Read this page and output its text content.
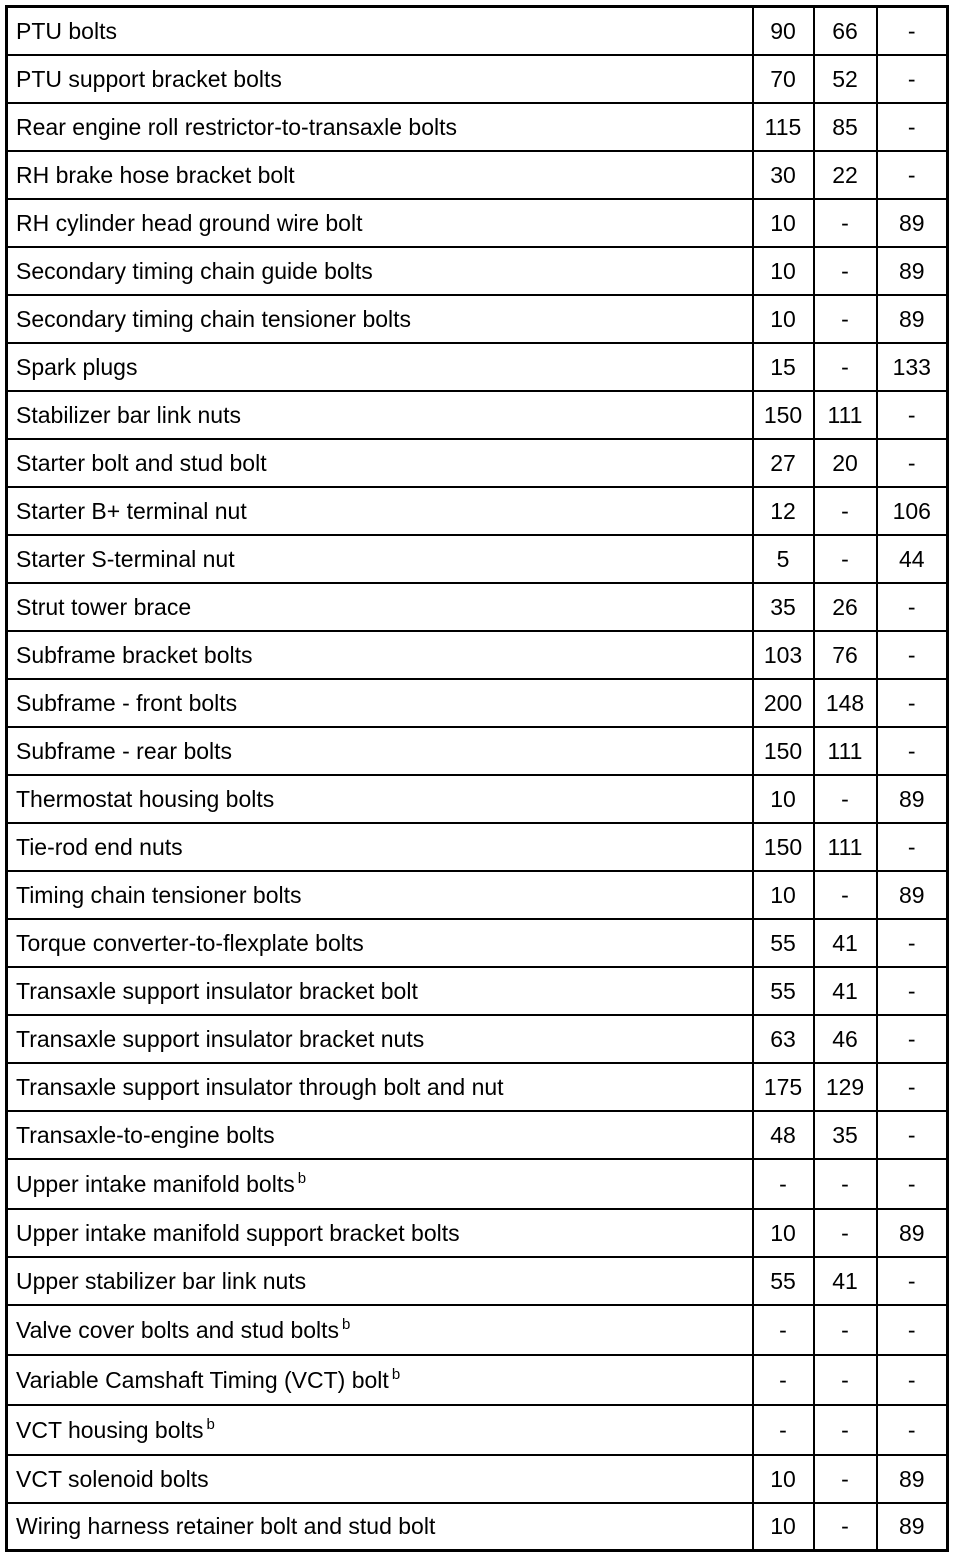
PTU bolts	90	66	-
PTU support bracket bolts	70	52	-
Rear engine roll restrictor-to-transaxle bolts	115	85	-
RH brake hose bracket bolt	30	22	-
RH cylinder head ground wire bolt	10	-	89
Secondary timing chain guide bolts	10	-	89
Secondary timing chain tensioner bolts	10	-	89
Spark plugs	15	-	133
Stabilizer bar link nuts	150	111	-
Starter bolt and stud bolt	27	20	-
Starter B+ terminal nut	12	-	106
Starter S-terminal nut	5	-	44
Strut tower brace	35	26	-
Subframe bracket bolts	103	76	-
Subframe - front bolts	200	148	-
Subframe - rear bolts	150	111	-
Thermostat housing bolts	10	-	89
Tie-rod end nuts	150	111	-
Timing chain tensioner bolts	10	-	89
Torque converter-to-flexplate bolts	55	41	-
Transaxle support insulator bracket bolt	55	41	-
Transaxle support insulator bracket nuts	63	46	-
Transaxle support insulator through bolt and nut	175	129	-
Transaxle-to-engine bolts	48	35	-
Upper intake manifold bolts $^b$	-	-	-
Upper intake manifold support bracket bolts	10	-	89
Upper stabilizer bar link nuts	55	41	-
Valve cover bolts and stud bolts $^b$	-	-	-
Variable Camshaft Timing (VCT) bolt $^b$	-	-	-
VCT housing bolts $^b$	-	-	-
VCT solenoid bolts	10	-	89
Wiring harness retainer bolt and stud bolt	10	-	89
